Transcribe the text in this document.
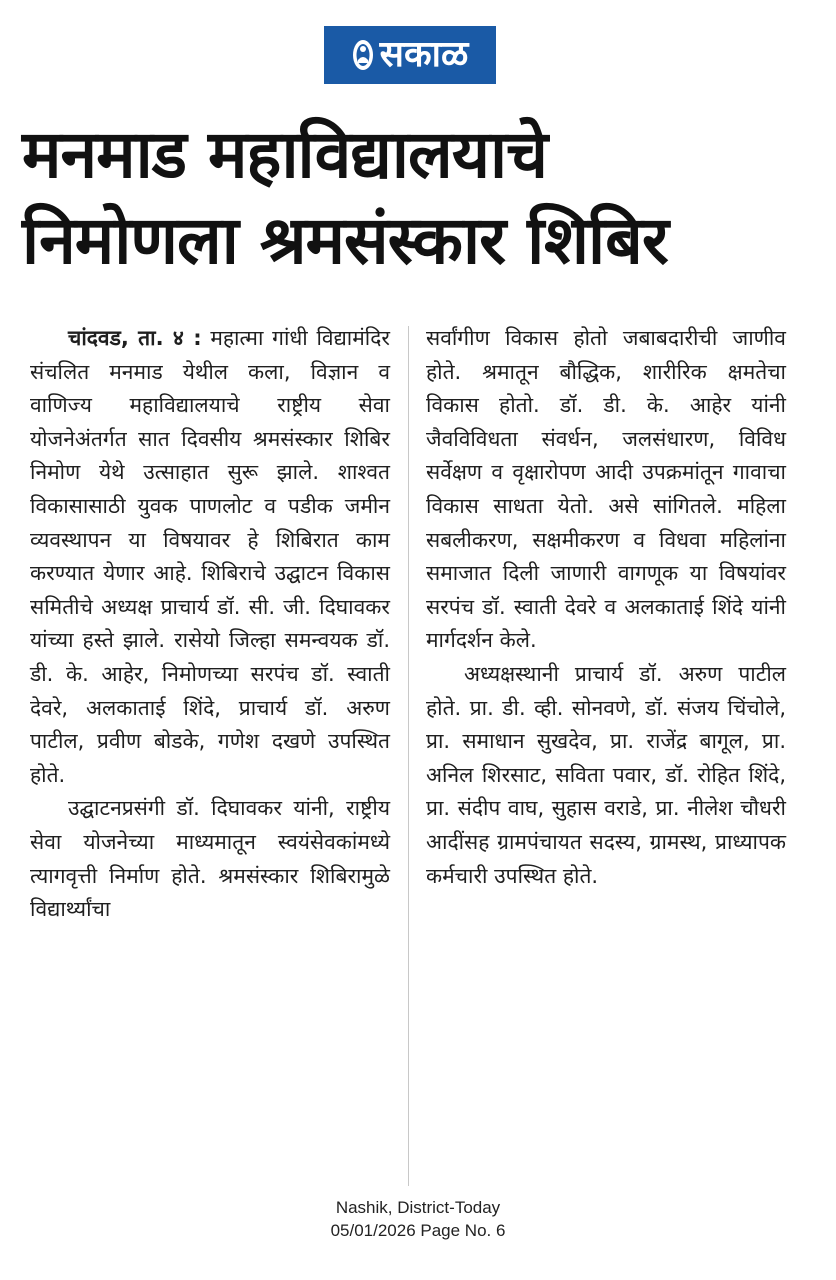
सकाळ
मनमाड महाविद्यालयाचे
निमोणला श्रमसंस्कार शिबिर

चांदवड, ता. ४ : महात्मा गांधी विद्यामंदिर संचलित मनमाड येथील कला, विज्ञान व वाणिज्य महाविद्यालयाचे राष्ट्रीय सेवा योजनेअंतर्गत सात दिवसीय श्रमसंस्कार शिबिर निमोण येथे उत्साहात सुरू झाले. शाश्वत विकासासाठी युवक पाणलोट व पडीक जमीन व्यवस्थापन या विषयावर हे शिबिरात काम करण्यात येणार आहे. शिबिराचे उद्घाटन विकास समितीचे अध्यक्ष प्राचार्य डॉ. सी. जी. दिघावकर यांच्या हस्ते झाले. रासेयो जिल्हा समन्वयक डॉ. डी. के. आहेर, निमोणच्या सरपंच डॉ. स्वाती देवरे, अलकाताई शिंदे, प्राचार्य डॉ. अरुण पाटील, प्रवीण बोडके, गणेश दखणे उपस्थित होते.

उद्घाटनप्रसंगी डॉ. दिघावकर यांनी, राष्ट्रीय सेवा योजनेच्या माध्यमातून स्वयंसेवकांमध्ये त्यागवृत्ती निर्माण होते. श्रमसंस्कार शिबिरामुळे विद्यार्थ्यांचा

सर्वांगीण विकास होतो जबाबदारीची जाणीव होते. श्रमातून बौद्धिक, शारीरिक क्षमतेचा विकास होतो. डॉ. डी. के. आहेर यांनी जैवविविधता संवर्धन, जलसंधारण, विविध सर्वेक्षण व वृक्षारोपण आदी उपक्रमांतून गावाचा विकास साधता येतो. असे सांगितले. महिला सबलीकरण, सक्षमीकरण व विधवा महिलांना समाजात दिली जाणारी वागणूक या विषयांवर सरपंच डॉ. स्वाती देवरे व अलकाताई शिंदे यांनी मार्गदर्शन केले.

अध्यक्षस्थानी प्राचार्य डॉ. अरुण पाटील होते. प्रा. डी. व्ही. सोनवणे, डॉ. संजय चिंचोले, प्रा. समाधान सुखदेव, प्रा. राजेंद्र बागूल, प्रा. अनिल शिरसाट, सविता पवार, डॉ. रोहित शिंदे, प्रा. संदीप वाघ, सुहास वराडे, प्रा. नीलेश चौधरी आदींसह ग्रामपंचायत सदस्य, ग्रामस्थ, प्राध्यापक कर्मचारी उपस्थित होते.

Nashik, District-Today
05/01/2026 Page No. 6
